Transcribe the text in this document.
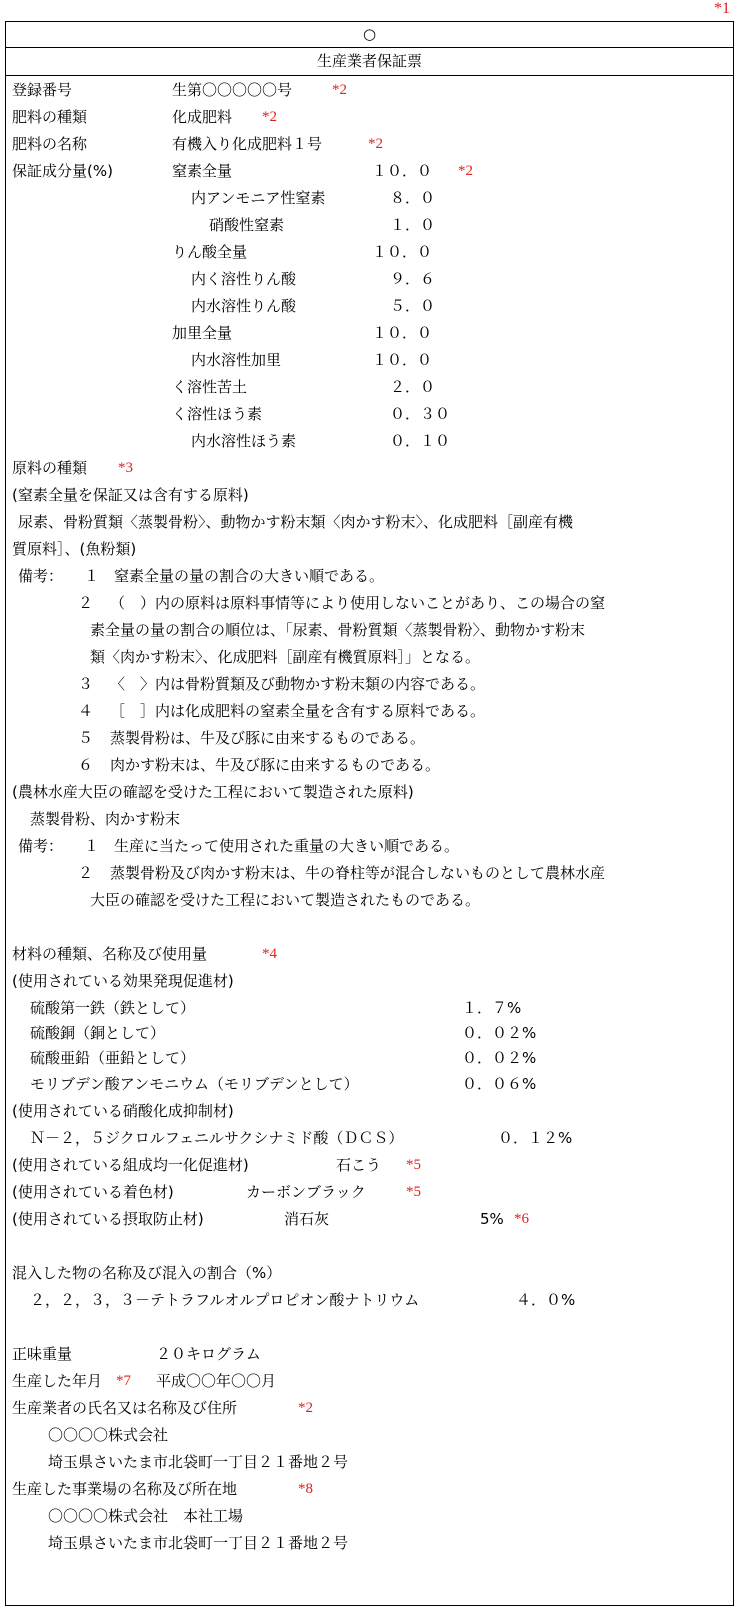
*1
○
生産業者保証票
登録番号	生第〇〇〇〇〇号	*2
肥料の種類	化成肥料 *2
肥料の名称	有機入り化成肥料１号	*2
保証成分量(%)	窒素全量	１０．０ *2
内アンモニア性窒素	８．０
硝酸性窒素	１．０
りん酸全量	１０．０
内く溶性りん酸	９．６
内水溶性りん酸	５．０
加里全量	１０．０
内水溶性加里	１０．０
く溶性苦土	２．０
く溶性ほう素	０．３０
内水溶性ほう素	０．１０
原料の種類 *3
(窒素全量を保証又は含有する原料)
尿素、骨粉質類〈蒸製骨粉〉、動物かす粉末類〈肉かす粉末〉、化成肥料［副産有機
質原料］、(魚粉類)
備考： １ 窒素全量の量の割合の大きい順である。
２ （　）内の原料は原料事情等により使用しないことがあり、この場合の窒
素全量の量の割合の順位は、「尿素、骨粉質類〈蒸製骨粉〉、動物かす粉末
類〈肉かす粉末〉、化成肥料［副産有機質原料］」となる。
３ 〈　〉内は骨粉質類及び動物かす粉末類の内容である。
４ ［　］内は化成肥料の窒素全量を含有する原料である。
５ 蒸製骨粉は、牛及び豚に由来するものである。
６ 肉かす粉末は、牛及び豚に由来するものである。
(農林水産大臣の確認を受けた工程において製造された原料)
蒸製骨粉、肉かす粉末
備考： １ 生産に当たって使用された重量の大きい順である。
２ 蒸製骨粉及び肉かす粉末は、牛の脊柱等が混合しないものとして農林水産
大臣の確認を受けた工程において製造されたものである。
材料の種類、名称及び使用量	*4
(使用されている効果発現促進材)
硫酸第一鉄（鉄として）	１．７%
硫酸銅（銅として）	０．０２%
硫酸亜鉛（亜鉛として）	０．０２%
モリブデン酸アンモニウム（モリブデンとして）	０．０６%
(使用されている硝酸化成抑制材)
Ｎ－２，５ジクロルフェニルサクシナミド酸（ＤＣＳ）	０．１２%
(使用されている組成均一化促進材)	石こう *5
(使用されている着色材)	カーボンブラック	*5
(使用されている摂取防止材)	消石灰	5% *6
混入した物の名称及び混入の割合（%）
２，２，３，３－テトラフルオルプロピオン酸ナトリウム	４．０%
正味重量	２０キログラム
生産した年月 *7 平成〇〇年〇〇月
生産業者の氏名又は名称及び住所	*2
〇〇〇〇株式会社
埼玉県さいたま市北袋町一丁目２１番地２号
生産した事業場の名称及び所在地	*8
〇〇〇〇株式会社　本社工場
埼玉県さいたま市北袋町一丁目２１番地２号
